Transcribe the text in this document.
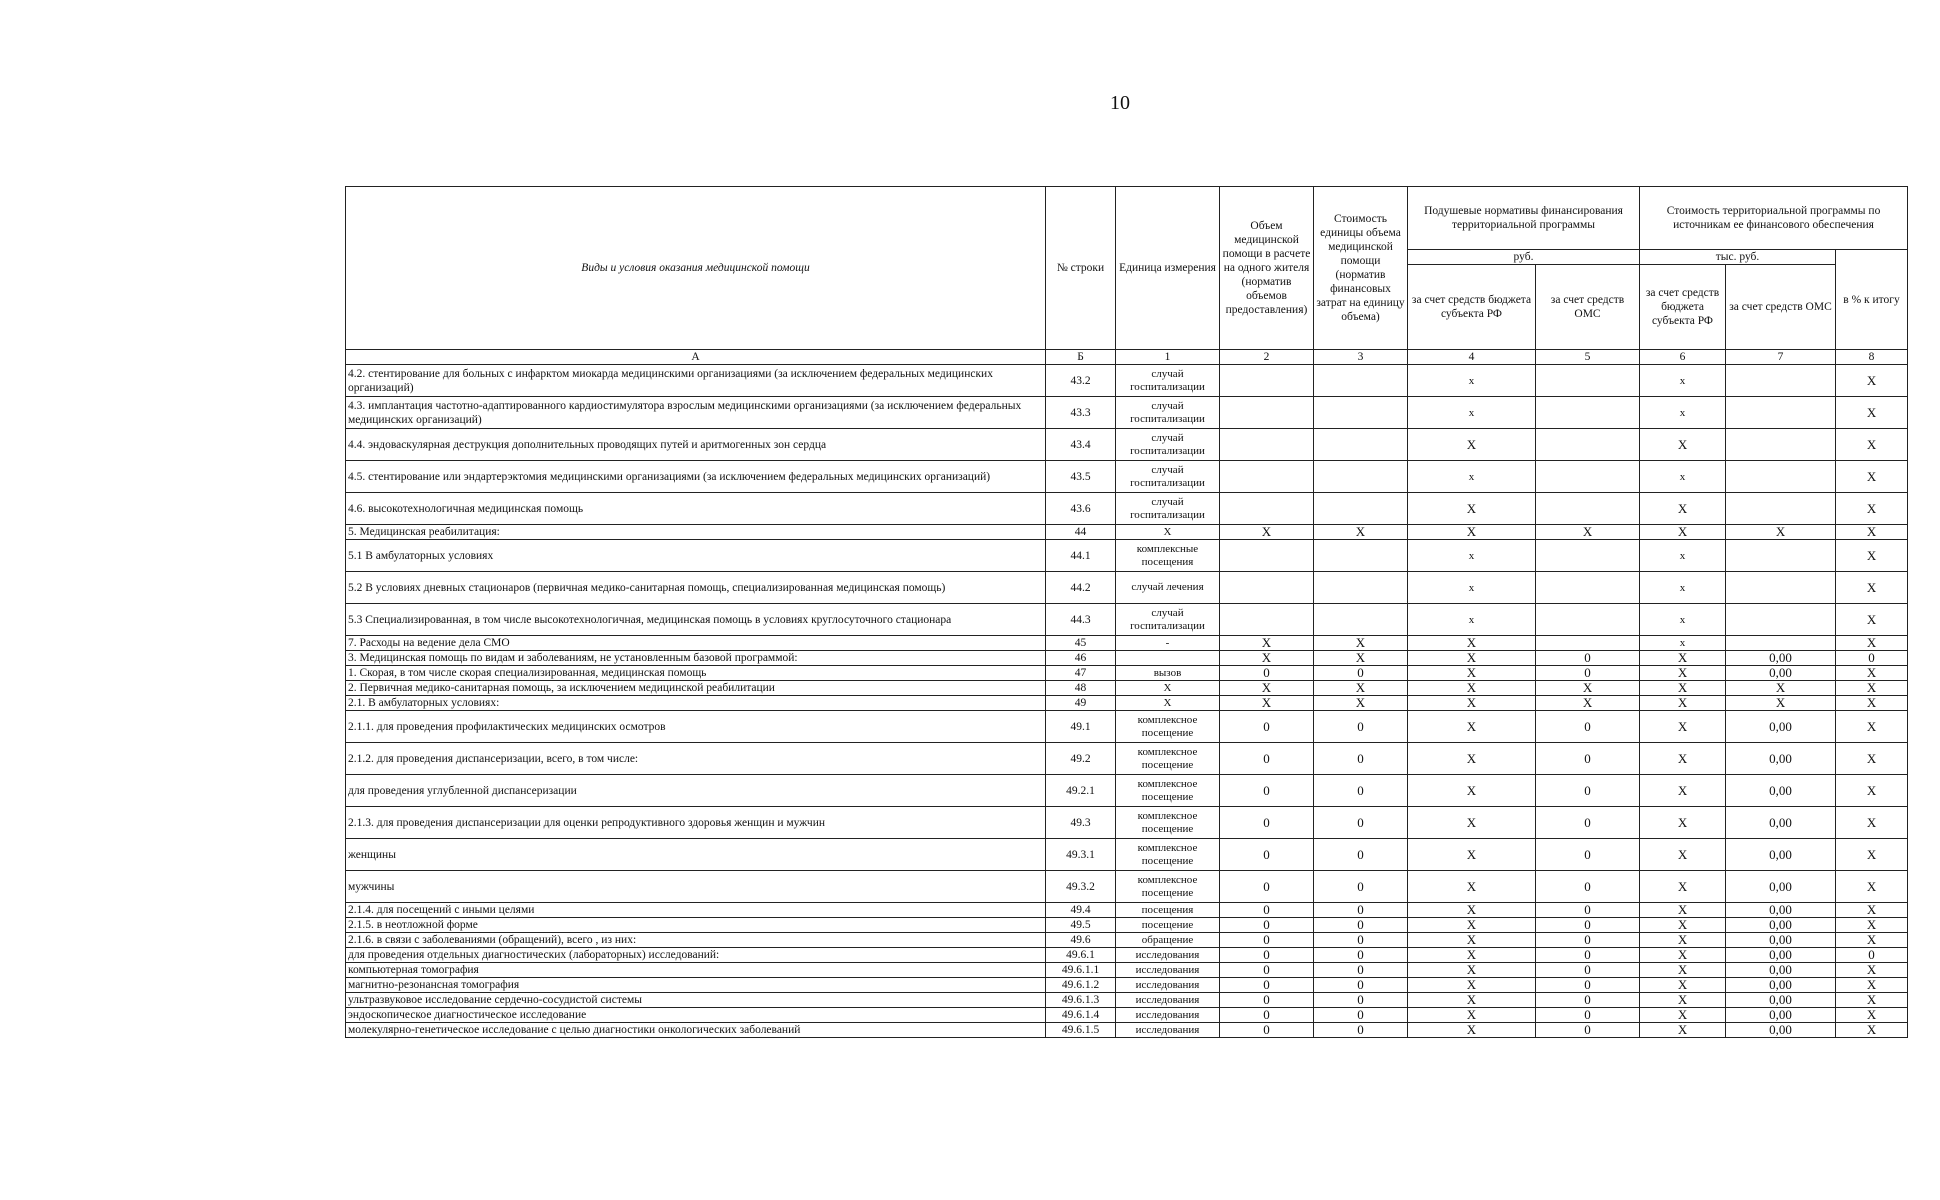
10
Виды и условия оказания медицинской помощи	№ строки	Единица измерения	Объем медицинской помощи в расчете на одного жителя (норматив объемов предоставления)	Стоимость единицы объема медицинской помощи (норматив финансовых затрат на единицу объема)	Подушевые нормативы финансирования территориальной программы		Стоимость территориальной программы по источникам ее финансового обеспечения		
					руб.		тыс. руб.		в % к итогу
					за счет средств бюджета субъекта РФ	за счет средств ОМС	за счет средств бюджета субъекта РФ	за счет средств ОМС	
А	Б	1	2	3	4	5	6	7	8
4.2. стентирование для больных с инфарктом миокарда медицинскими организациями (за исключением федеральных медицинских организаций)	43.2	случай госпитализации			x		x		X
4.3. имплантация частотно-адаптированного кардиостимулятора взрослым медицинскими организациями (за исключением федеральных медицинских организаций)	43.3	случай госпитализации			x		x		X
4.4. эндоваскулярная деструкция дополнительных проводящих путей и аритмогенных зон сердца	43.4	случай госпитализации			X		X		X
4.5. стентирование или эндартерэктомия медицинскими организациями (за исключением федеральных медицинских организаций)	43.5	случай госпитализации			x		x		X
4.6. высокотехнологичная медицинская помощь	43.6	случай госпитализации			X		X		X
5. Медицинская реабилитация:	44	X	X	X	X	X	X	X	X
5.1 В амбулаторных условиях	44.1	комплексные посещения			x		x		X
5.2 В условиях дневных стационаров (первичная медико-санитарная помощь, специализированная медицинская помощь)	44.2	случай лечения			x		x		X
5.3 Специализированная, в том числе высокотехнологичная, медицинская помощь в условиях круглосуточного стационара	44.3	случай госпитализации			x		x		X
7. Расходы на ведение дела СМО	45	-	X	X	X		x		X
3. Медицинская помощь по видам и заболеваниям, не установленным базовой программой:	46		X	X	X	0	X	0,00	0
1. Скорая, в том числе скорая специализированная, медицинская помощь	47	вызов	0	0	X	0	X	0,00	X
2. Первичная медико-санитарная помощь, за исключением медицинской реабилитации	48	X	X	X	X	X	X	X	X
2.1. В амбулаторных условиях:	49	X	X	X	X	X	X	X	X
2.1.1. для проведения профилактических медицинских осмотров	49.1	комплексное посещение	0	0	X	0	X	0,00	X
2.1.2. для проведения диспансеризации, всего, в том числе:	49.2	комплексное посещение	0	0	X	0	X	0,00	X
для проведения углубленной диспансеризации	49.2.1	комплексное посещение	0	0	X	0	X	0,00	X
2.1.3. для проведения диспансеризации для оценки репродуктивного здоровья женщин и мужчин	49.3	комплексное посещение	0	0	X	0	X	0,00	X
женщины	49.3.1	комплексное посещение	0	0	X	0	X	0,00	X
мужчины	49.3.2	комплексное посещение	0	0	X	0	X	0,00	X
2.1.4. для посещений с иными целями	49.4	посещения	0	0	X	0	X	0,00	X
2.1.5. в неотложной форме	49.5	посещение	0	0	X	0	X	0,00	X
2.1.6. в связи с заболеваниями (обращений), всего , из них:	49.6	обращение	0	0	X	0	X	0,00	X
для проведения отдельных диагностических (лабораторных) исследований:	49.6.1	исследования	0	0	X	0	X	0,00	0
компьютерная томография	49.6.1.1	исследования	0	0	X	0	X	0,00	X
магнитно-резонансная томография	49.6.1.2	исследования	0	0	X	0	X	0,00	X
ультразвуковое исследование сердечно-сосудистой системы	49.6.1.3	исследования	0	0	X	0	X	0,00	X
эндоскопическое диагностическое исследование	49.6.1.4	исследования	0	0	X	0	X	0,00	X
молекулярно-генетическое исследование с целью диагностики онкологических заболеваний	49.6.1.5	исследования	0	0	X	0	X	0,00	X
